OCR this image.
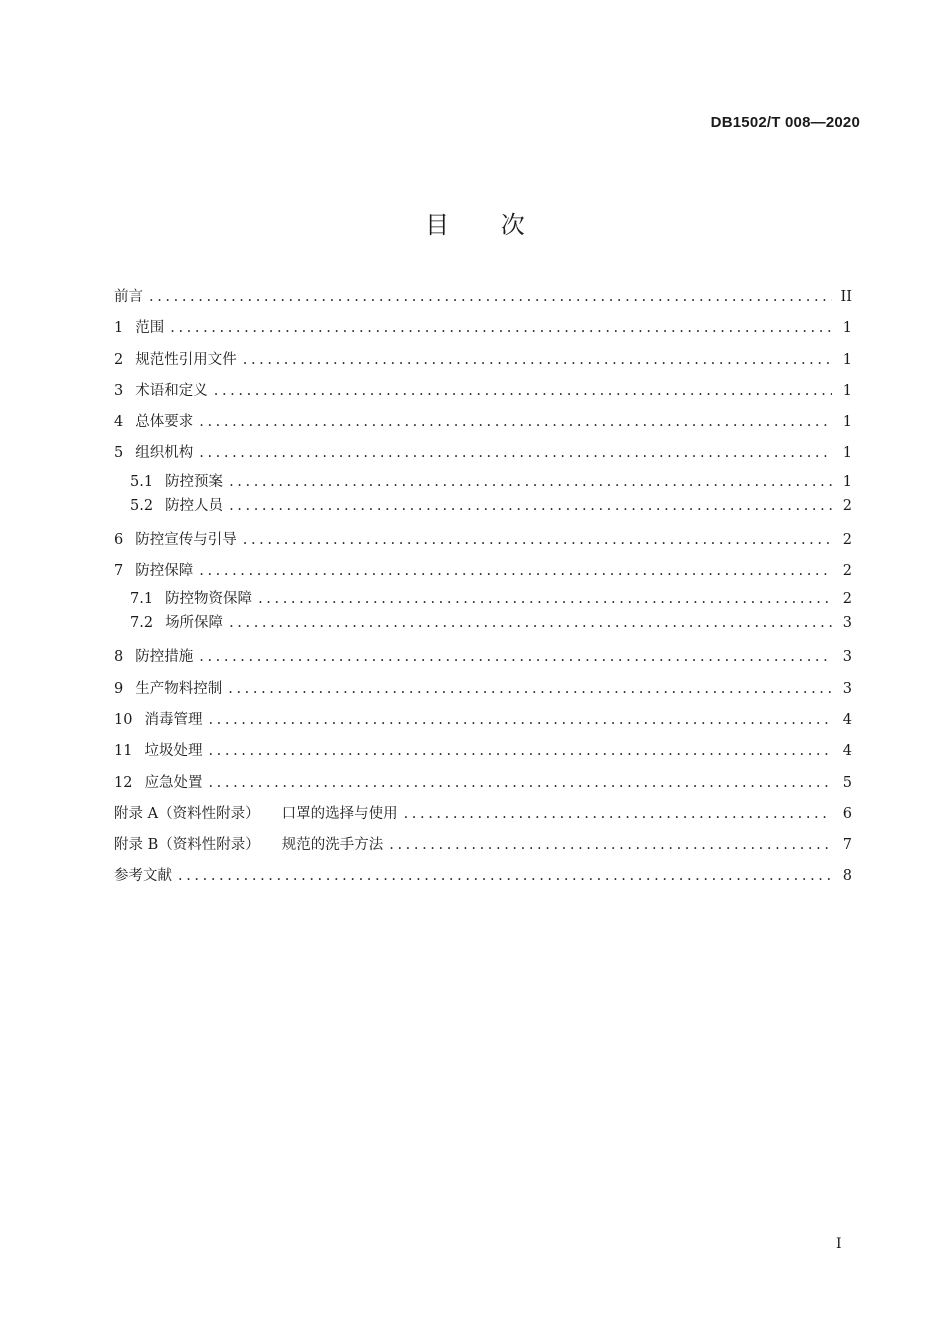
DB1502/T 008—2020
目 次
前言 .....	II
1 范围 .....	1
2 规范性引用文件 .....	1
3 术语和定义 .....	1
4 总体要求 .....	1
5 组织机构 .....	1
5.1 防控预案 .....	1
5.2 防控人员 .....	2
6 防控宣传与引导 .....	2
7 防控保障 .....	2
7.1 防控物资保障 .....	2
7.2 场所保障 .....	3
8 防控措施 .....	3
9 生产物料控制 .....	3
10 消毒管理 .....	4
11 垃圾处理 .....	4
12 应急处置 .....	5
附录 A（资料性附录） 口罩的选择与使用 .....	6
附录 B（资料性附录） 规范的洗手方法 .....	7
参考文献 .....	8
I
